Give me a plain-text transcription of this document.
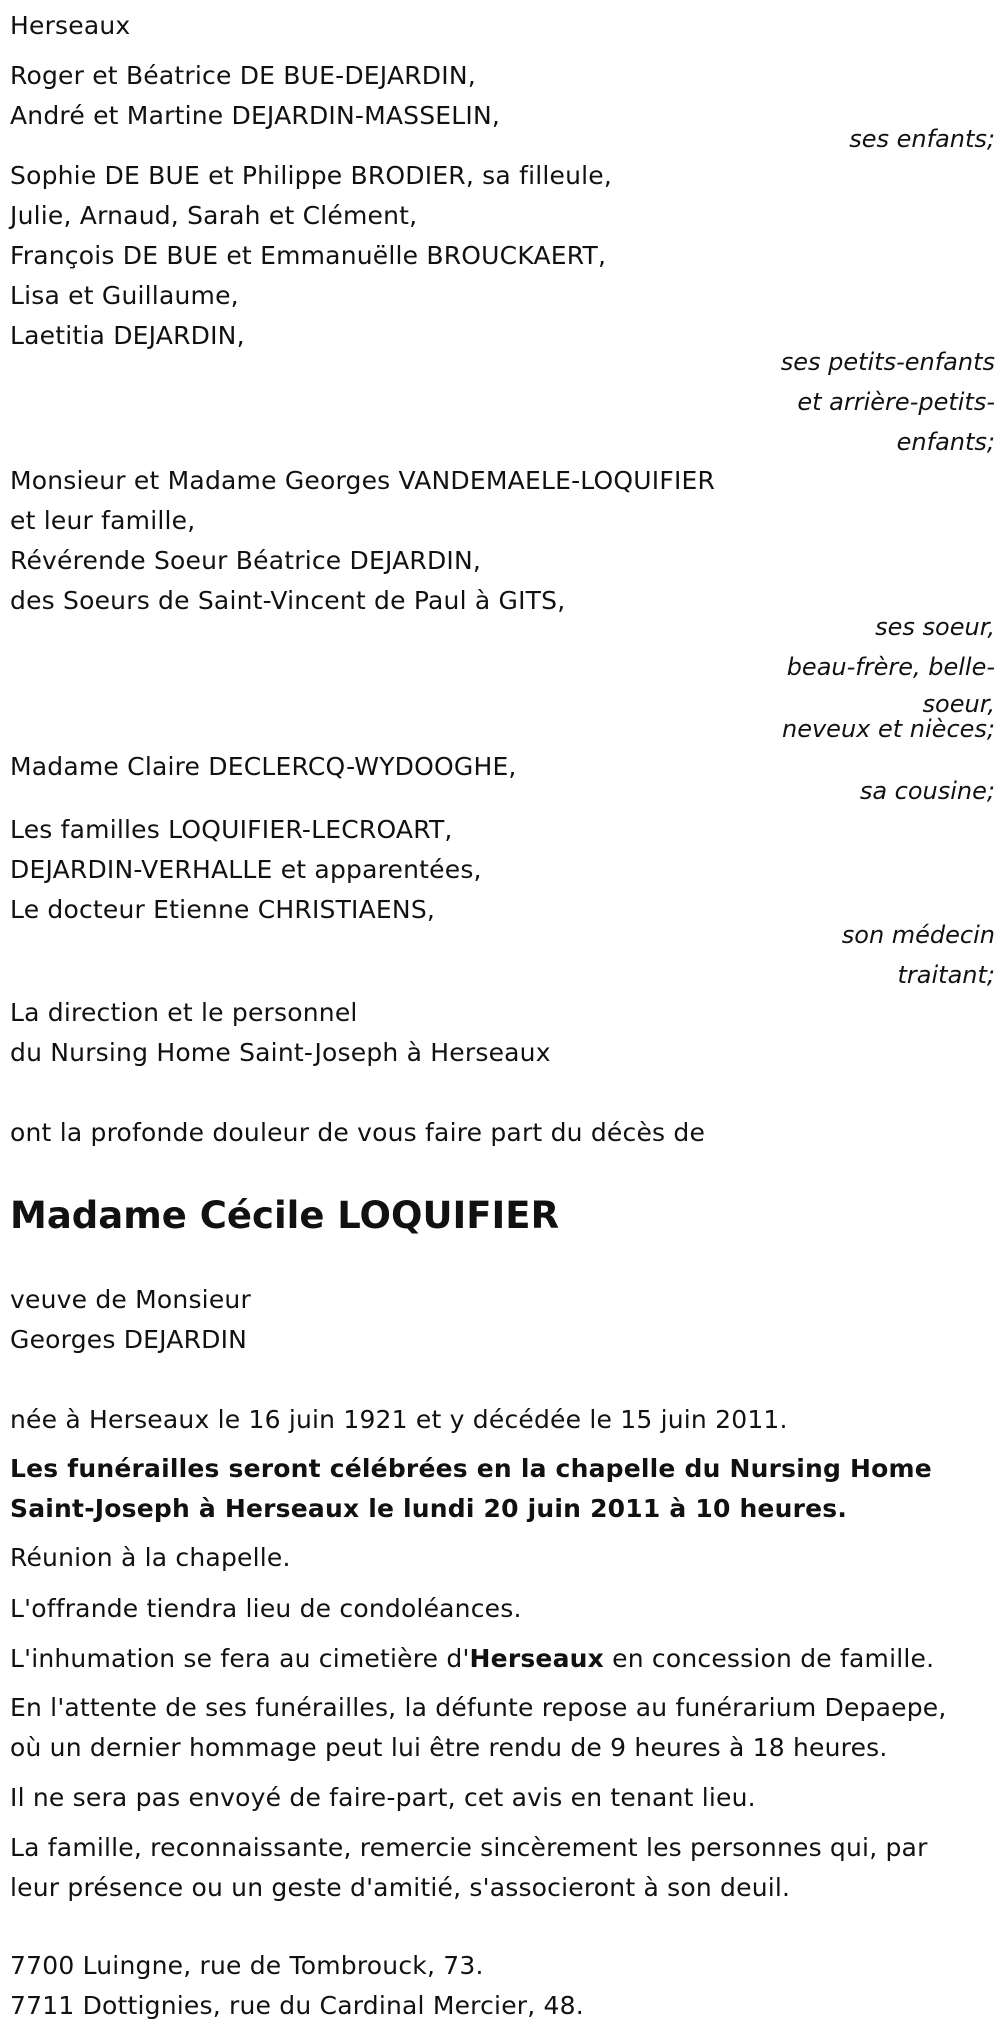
Herseaux
Roger et Béatrice DE BUE-DEJARDIN,
André et Martine DEJARDIN-MASSELIN,
ses enfants;
Sophie DE BUE et Philippe BRODIER, sa filleule,
Julie, Arnaud, Sarah et Clément,
François DE BUE et Emmanuëlle BROUCKAERT,
Lisa et Guillaume,
Laetitia DEJARDIN,
ses petits-enfants
et arrière-petits-
enfants;
Monsieur et Madame Georges VANDEMAELE-LOQUIFIER
et leur famille,
Révérende Soeur Béatrice DEJARDIN,
des Soeurs de Saint-Vincent de Paul à GITS,
ses soeur,
beau-frère, belle-
soeur,
neveux et nièces;
Madame Claire DECLERCQ-WYDOOGHE,
sa cousine;
Les familles LOQUIFIER-LECROART,
DEJARDIN-VERHALLE et apparentées,
Le docteur Etienne CHRISTIAENS,
son médecin
traitant;
La direction et le personnel
du Nursing Home Saint-Joseph à Herseaux
ont la profonde douleur de vous faire part du décès de
Madame Cécile LOQUIFIER
veuve de Monsieur
Georges DEJARDIN
née à Herseaux le 16 juin 1921 et y décédée le 15 juin 2011.
Les funérailles seront célébrées en la chapelle du Nursing Home
Saint-Joseph à Herseaux le lundi 20 juin 2011 à 10 heures.
Réunion à la chapelle.
L'offrande tiendra lieu de condoléances.
L'inhumation se fera au cimetière d'Herseaux en concession de famille.
En l'attente de ses funérailles, la défunte repose au funérarium Depaepe,
où un dernier hommage peut lui être rendu de 9 heures à 18 heures.
Il ne sera pas envoyé de faire-part, cet avis en tenant lieu.
La famille, reconnaissante, remercie sincèrement les personnes qui, par
leur présence ou un geste d'amitié, s'associeront à son deuil.
7700 Luingne, rue de Tombrouck, 73.
7711 Dottignies, rue du Cardinal Mercier, 48.
